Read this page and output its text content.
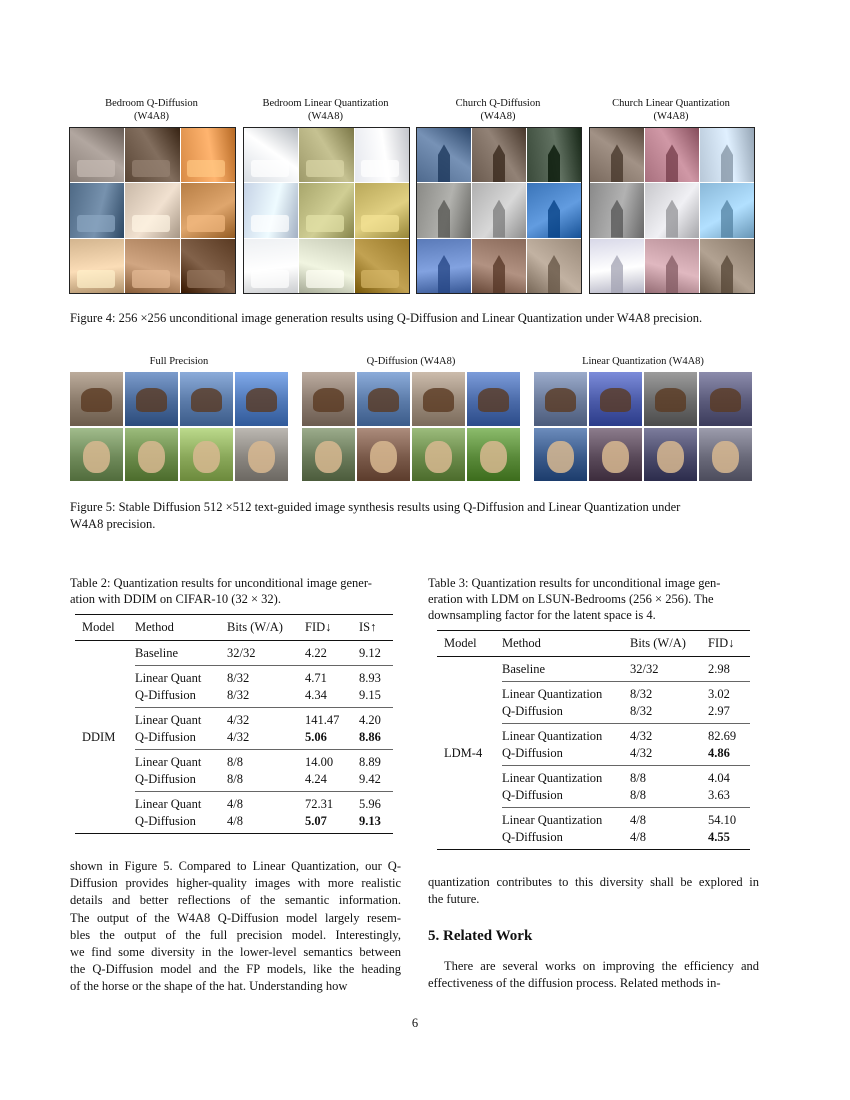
Bedroom Q-Diffusion
(W4A8)
Bedroom Linear Quantization
(W4A8)
Church Q-Diffusion
(W4A8)
Church Linear Quantization
(W4A8)
Figure 4: 256 ×256 unconditional image generation results using Q-Diffusion and Linear Quantization under W4A8 precision.
Full Precision	Q-Diffusion (W4A8)	Linear Quantization (W4A8)
Figure 5: Stable Diffusion 512 ×512 text-guided image synthesis results using Q-Diffusion and Linear Quantization under
W4A8 precision.
Table 2: Quantization results for unconditional image gener-
ation with DDIM on CIFAR-10 (32 × 32).
Model	Method	Bits (W/A)	FID↓	IS↑
DDIM	Baseline	32/32	4.22	9.12
	Linear Quant	8/32	4.71	8.93
	Q-Diffusion	8/32	4.34	9.15
	Linear Quant	4/32	141.47	4.20
	Q-Diffusion	4/32	5.06	8.86
	Linear Quant	8/8	14.00	8.89
	Q-Diffusion	8/8	4.24	9.42
	Linear Quant	4/8	72.31	5.96
	Q-Diffusion	4/8	5.07	9.13
Table 3: Quantization results for unconditional image gen-
eration with LDM on LSUN-Bedrooms (256 × 256). The
downsampling factor for the latent space is 4.
Model	Method	Bits (W/A)	FID↓
LDM-4	Baseline	32/32	2.98
	Linear Quantization	8/32	3.02
	Q-Diffusion	8/32	2.97
	Linear Quantization	4/32	82.69
	Q-Diffusion	4/32	4.86
	Linear Quantization	8/8	4.04
	Q-Diffusion	8/8	3.63
	Linear Quantization	4/8	54.10
	Q-Diffusion	4/8	4.55
shown in Figure 5. Compared to Linear Quantization, our Q-
Diffusion provides higher-quality images with more realistic
details and better reflections of the semantic information.
The output of the W4A8 Q-Diffusion model largely resem-
bles the output of the full precision model. Interestingly,
we find some diversity in the lower-level semantics between
the Q-Diffusion model and the FP models, like the heading
of the horse or the shape of the hat. Understanding how
quantization contributes to this diversity shall be explored in
the future.
5. Related Work
There are several works on improving the efficiency and
effectiveness of the diffusion process. Related methods in-
6
